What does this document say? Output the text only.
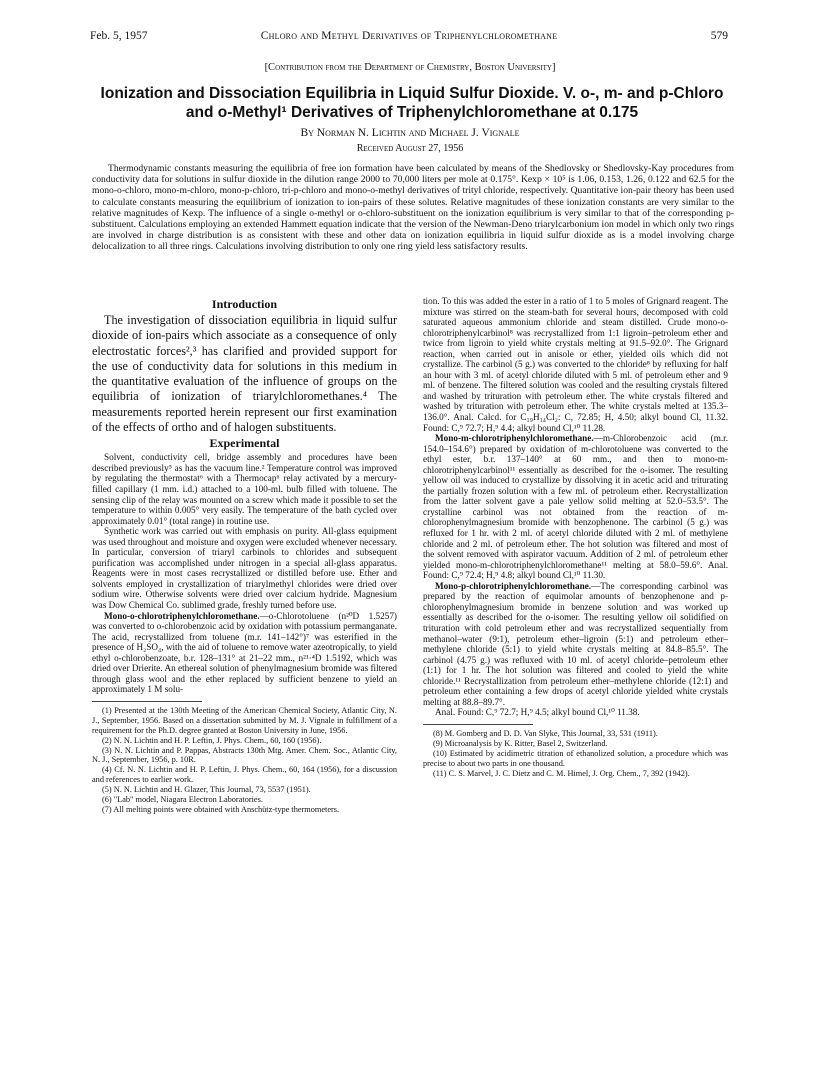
Feb. 5, 1957	Chloro and Methyl Derivatives of Triphenylchloromethane	579
[Contribution from the Department of Chemistry, Boston University]
Ionization and Dissociation Equilibria in Liquid Sulfur Dioxide. V. o-, m- and p-Chloro and o-Methyl¹ Derivatives of Triphenylchloromethane at 0.175
By Norman N. Lichtin and Michael J. Vignale
Received August 27, 1956
Thermodynamic constants measuring the equilibria of free ion formation have been calculated by means of the Shedlovsky or Shedlovsky-Kay procedures from conductivity data for solutions in sulfur dioxide in the dilution range 2000 to 70,000 liters per mole at 0.175°. Kexp × 10⁵ is 1.06, 0.153, 1.26, 0.122 and 62.5 for the mono-o-chloro, mono-m-chloro, mono-p-chloro, tri-p-chloro and mono-o-methyl derivatives of trityl chloride, respectively. Quantitative ion-pair theory has been used to calculate constants measuring the equilibrium of ionization to ion-pairs of these solutes. Relative magnitudes of these ionization constants are very similar to the relative magnitudes of Kexp. The influence of a single o-methyl or o-chloro-substituent on the ionization equilibrium is very similar to that of the corresponding p-substituent. Calculations employing an extended Hammett equation indicate that the version of the Newman-Deno triarylcarbonium ion model in which only two rings are involved in charge distribution is as consistent with these and other data on ionization equilibria in liquid sulfur dioxide as is a model involving charge delocalization to all three rings. Calculations involving distribution to only one ring yield less satisfactory results.
Introduction

The investigation of dissociation equilibria in liquid sulfur dioxide of ion-pairs which associate as a consequence of only electrostatic forces²,³ has clarified and provided support for the use of conductivity data for solutions in this medium in the quantitative evaluation of the influence of groups on the equilibria of ionization of triarylchloromethanes.⁴ The measurements reported herein represent our first examination of the effects of ortho and of halogen substituents.

Experimental

Solvent, conductivity cell, bridge assembly and procedures have been described previously⁵ as has the vacuum line.² Temperature control was improved by regulating the thermostat⁶ with a Thermocap⁶ relay activated by a mercury-filled capillary (1 mm. i.d.) attached to a 100-ml. bulb filled with toluene. The sensing clip of the relay was mounted on a screw which made it possible to set the temperature to within 0.005° very easily. The temperature of the bath cycled over approximately 0.01° (total range) in routine use.

Synthetic work was carried out with emphasis on purity. All-glass equipment was used throughout and moisture and oxygen were excluded whenever necessary. In particular, conversion of triaryl carbinols to chlorides and subsequent purification was accomplished under nitrogen in a special all-glass apparatus. Reagents were in most cases recrystallized or distilled before use. Ether and solvents employed in crystallization of triarylmethyl chlorides were dried over sodium wire. Otherwise solvents were dried over calcium hydride. Magnesium was Dow Chemical Co. sublimed grade, freshly turned before use.

Mono-o-chlorotriphenylchloromethane.—o-Chlorotoluene (n²⁰D 1.5257) was converted to o-chlorobenzoic acid by oxidation with potassium permanganate. The acid, recrystallized from toluene (m.r. 141–142°)⁷ was esterified in the presence of H₂SO₄, with the aid of toluene to remove water azeotropically, to yield ethyl o-chlorobenzoate, b.r. 128–131° at 21–22 mm., n²¹·⁴D 1.5192, which was dried over Drierite. An ethereal solution of phenylmagnesium bromide was filtered through glass wool and the ether replaced by sufficient benzene to yield an approximately 1 M solu-

(1) Presented at the 130th Meeting of the American Chemical Society, Atlantic City, N. J., September, 1956. Based on a dissertation submitted by M. J. Vignale in fulfillment of a requirement for the Ph.D. degree granted at Boston University in June, 1956.

(2) N. N. Lichtin and H. P. Leftin, J. Phys. Chem., 60, 160 (1956).

(3) N. N. Lichtin and P. Pappas, Abstracts 130th Mtg. Amer. Chem. Soc., Atlantic City, N. J., September, 1956, p. 10R.

(4) Cf. N. N. Lichtin and H. P. Leftin, J. Phys. Chem., 60, 164 (1956), for a discussion and references to earlier work.

(5) N. N. Lichtin and H. Glazer, This Journal, 73, 5537 (1951).

(6) "Lab" model, Niagara Electron Laboratories.

(7) All melting points were obtained with Anschütz-type thermometers.

tion. To this was added the ester in a ratio of 1 to 5 moles of Grignard reagent. The mixture was stirred on the steam-bath for several hours, decomposed with cold saturated aqueous ammonium chloride and steam distilled. Crude mono-o-chlorotriphenylcarbinol⁸ was recrystallized from 1:1 ligroin–petroleum ether and twice from ligroin to yield white crystals melting at 91.5–92.0°. The Grignard reaction, when carried out in anisole or ether, yielded oils which did not crystallize. The carbinol (5 g.) was converted to the chloride⁸ by refluxing for half an hour with 3 ml. of acetyl chloride diluted with 5 ml. of petroleum ether and 9 ml. of benzene. The filtered solution was cooled and the resulting crystals filtered and washed by trituration with petroleum ether. The white crystals filtered and washed by trituration with petroleum ether. The white crystals melted at 135.3–136.0°. Anal. Calcd. for C₁₉H₁₄Cl₂: C, 72.85; H, 4.50; alkyl bound Cl, 11.32. Found: C,⁹ 72.7; H,⁹ 4.4; alkyl bound Cl,¹⁰ 11.28.

Mono-m-chlorotriphenylchloromethane.—m-Chlorobenzoic acid (m.r. 154.0–154.6°) prepared by oxidation of m-chlorotoluene was converted to the ethyl ester, b.r. 137–140° at 60 mm., and then to mono-m-chlorotriphenylcarbinol¹¹ essentially as described for the o-isomer. The resulting yellow oil was induced to crystallize by dissolving it in acetic acid and triturating the partially frozen solution with a few ml. of petroleum ether. Recrystallization from the latter solvent gave a pale yellow solid melting at 52.0–53.5°. The crystalline carbinol was not obtained from the reaction of m-chlorophenylmagnesium bromide with benzophenone. The carbinol (5 g.) was refluxed for 1 hr. with 2 ml. of acetyl chloride diluted with 2 ml. of methylene chloride and 2 ml. of petroleum ether. The hot solution was filtered and most of the solvent removed with aspirator vacuum. Addition of 2 ml. of petroleum ether yielded mono-m-chlorotriphenylchloromethane¹¹ melting at 58.0–59.6°. Anal. Found: C,⁹ 72.4; H,⁹ 4.8; alkyl bound Cl,¹⁰ 11.30.

Mono-p-chlorotriphenylchloromethane.—The corresponding carbinol was prepared by the reaction of equimolar amounts of benzophenone and p-chlorophenylmagnesium bromide in benzene solution and was worked up essentially as described for the o-isomer. The resulting yellow oil solidified on trituration with cold petroleum ether and was recrystallized sequentially from methanol–water (9:1), petroleum ether–ligroin (5:1) and petroleum ether–methylene chloride (5:1) to yield white crystals melting at 84.8–85.5°. The carbinol (4.75 g.) was refluxed with 10 ml. of acetyl chloride–petroleum ether (1:1) for 1 hr. The hot solution was filtered and cooled to yield the white chloride.¹¹ Recrystallization from petroleum ether–methylene chloride (12:1) and petroleum ether containing a few drops of acetyl chloride yielded white crystals melting at 88.8–89.7°.

Anal. Found: C,⁹ 72.7; H,⁹ 4.5; alkyl bound Cl,¹⁰ 11.38.

(8) M. Gomberg and D. D. Van Slyke, This Journal, 33, 531 (1911).

(9) Microanalysis by K. Ritter, Basel 2, Switzerland.

(10) Estimated by acidimetric titration of ethanolized solution, a procedure which was precise to about two parts in one thousand.

(11) C. S. Marvel, J. C. Dietz and C. M. Himel, J. Org. Chem., 7, 392 (1942).
